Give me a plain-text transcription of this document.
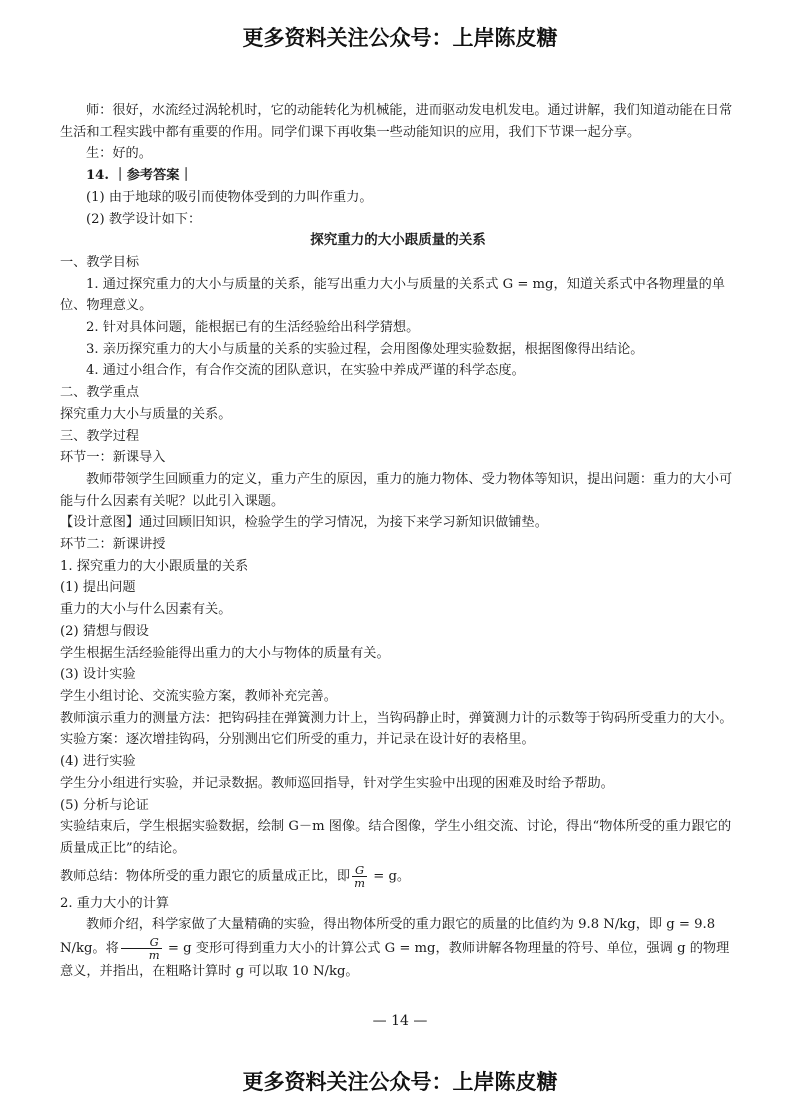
更多资料关注公众号：上岸陈皮糖

师：很好，水流经过涡轮机时，它的动能转化为机械能，进而驱动发电机发电。通过讲解，我们知道动能在日常生活和工程实践中都有重要的作用。同学们课下再收集一些动能知识的应用，我们下节课一起分享。

生：好的。

14. ｜参考答案｜

(1) 由于地球的吸引而使物体受到的力叫作重力。

(2) 教学设计如下：

探究重力的大小跟质量的关系

一、教学目标

1. 通过探究重力的大小与质量的关系，能写出重力大小与质量的关系式 G = mg，知道关系式中各物理量的单位、物理意义。

2. 针对具体问题，能根据已有的生活经验给出科学猜想。

3. 亲历探究重力的大小与质量的关系的实验过程，会用图像处理实验数据，根据图像得出结论。

4. 通过小组合作，有合作交流的团队意识，在实验中养成严谨的科学态度。

二、教学重点

探究重力大小与质量的关系。

三、教学过程

环节一：新课导入

教师带领学生回顾重力的定义，重力产生的原因，重力的施力物体、受力物体等知识，提出问题：重力的大小可能与什么因素有关呢？以此引入课题。

【设计意图】通过回顾旧知识，检验学生的学习情况，为接下来学习新知识做铺垫。

环节二：新课讲授

1. 探究重力的大小跟质量的关系

(1) 提出问题

重力的大小与什么因素有关。

(2) 猜想与假设

学生根据生活经验能得出重力的大小与物体的质量有关。

(3) 设计实验

学生小组讨论、交流实验方案，教师补充完善。

教师演示重力的测量方法：把钩码挂在弹簧测力计上，当钩码静止时，弹簧测力计的示数等于钩码所受重力的大小。

实验方案：逐次增挂钩码，分别测出它们所受的重力，并记录在设计好的表格里。

(4) 进行实验

学生分小组进行实验，并记录数据。教师巡回指导，针对学生实验中出现的困难及时给予帮助。

(5) 分析与论证

实验结束后，学生根据实验数据，绘制 G－m 图像。结合图像，学生小组交流、讨论，得出“物体所受的重力跟它的质量成正比”的结论。

教师总结：物体所受的重力跟它的质量成正比，即 $\frac{G}{m} = g$。

2. 重力大小的计算

教师介绍，科学家做了大量精确的实验，得出物体所受的重力跟它的质量的比值约为 9.8 N/kg，即 g = 9.8 N/kg。将 $\frac{G}{m} = g$ 变形可得到重力大小的计算公式 G = mg，教师讲解各物理量的符号、单位，强调 g 的物理意义，并指出，在粗略计算时 g 可以取 10 N/kg。

— 14 —
更多资料关注公众号：上岸陈皮糖
